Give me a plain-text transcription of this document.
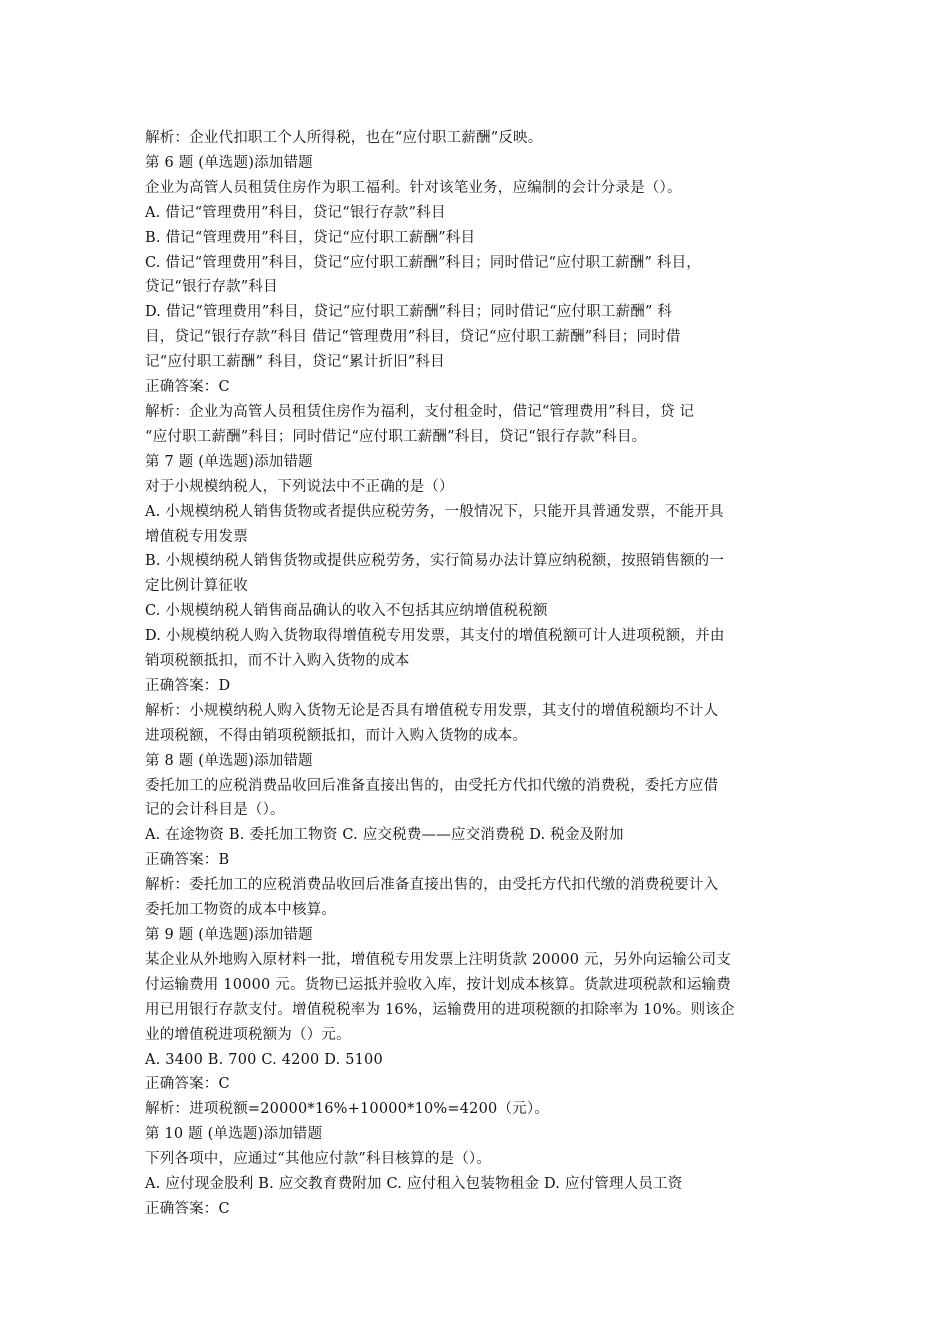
解析：企业代扣职工个人所得税，也在“应付职工薪酬”反映。
第 6 题 (单选题)添加错题
企业为高管人员租赁住房作为职工福利。针对该笔业务，应编制的会计分录是（）。
A. 借记“管理费用”科目，贷记“银行存款”科目
B. 借记“管理费用”科目，贷记“应付职工薪酬”科目
C. 借记“管理费用”科目，贷记“应付职工薪酬”科目；同时借记“应付职工薪酬” 科目，
贷记“银行存款”科目
D. 借记“管理费用”科目，贷记“应付职工薪酬”科目；同时借记“应付职工薪酬” 科
目，贷记“银行存款”科目 借记“管理费用”科目，贷记“应付职工薪酬”科目；同时借
记“应付职工薪酬” 科目，贷记“累计折旧”科目
正确答案：C
解析：企业为高管人员租赁住房作为福利，支付租金时，借记“管理费用”科目，贷 记
“应付职工薪酬”科目；同时借记“应付职工薪酬”科目，贷记“银行存款”科目。
第 7 题 (单选题)添加错题
对于小规模纳税人，下列说法中不正确的是（）
A. 小规模纳税人销售货物或者提供应税劳务，一般情况下，只能开具普通发票，不能开具
增值税专用发票
B. 小规模纳税人销售货物或提供应税劳务，实行简易办法计算应纳税额，按照销售额的一
定比例计算征收
C. 小规模纳税人销售商品确认的收入不包括其应纳增值税税额
D. 小规模纳税人购入货物取得增值税专用发票，其支付的增值税额可计人进项税额，并由
销项税额抵扣，而不计入购入货物的成本
正确答案：D
解析：小规模纳税人购入货物无论是否具有增值税专用发票，其支付的增值税额均不计人
进项税额，不得由销项税额抵扣，而计入购入货物的成本。
第 8 题 (单选题)添加错题
委托加工的应税消费品收回后准备直接出售的，由受托方代扣代缴的消费税，委托方应借
记的会计科目是（）。
A. 在途物资 B. 委托加工物资 C. 应交税费——应交消费税 D. 税金及附加
正确答案：B
解析：委托加工的应税消费品收回后准备直接出售的，由受托方代扣代缴的消费税要计入
委托加工物资的成本中核算。
第 9 题 (单选题)添加错题
某企业从外地购入原材料一批，增值税专用发票上注明货款 20000 元，另外向运输公司支
付运输费用 10000 元。货物已运抵并验收入库，按计划成本核算。货款进项税款和运输费
用已用银行存款支付。增值税税率为 16%，运输费用的进项税额的扣除率为 10%。则该企
业的增值税进项税额为（）元。
A. 3400 B. 700 C. 4200 D. 5100
正确答案：C
解析：进项税额=20000*16%+10000*10%=4200（元）。
第 10 题 (单选题)添加错题
下列各项中，应通过“其他应付款”科目核算的是（）。
A. 应付现金股利 B. 应交教育费附加 C. 应付租入包装物租金 D. 应付管理人员工资
正确答案：C
